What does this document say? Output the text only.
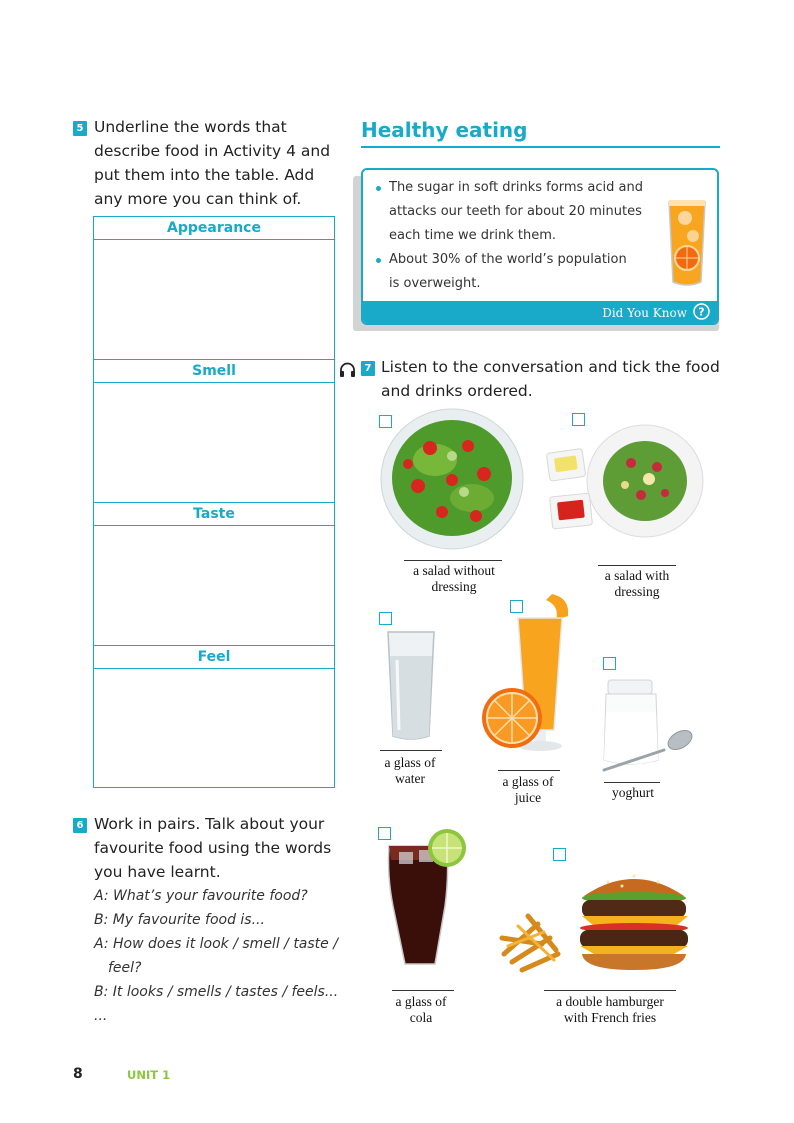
5 Underline the words that
describe food in Activity 4 and
put them into the table. Add
any more you can think of.
Appearance
Smell
Taste
Feel
6 Work in pairs. Talk about your
favourite food using the words
you have learnt.
A: What’s your favourite food?
B: My favourite food is...
A: How does it look / smell / taste /
feel?
B: It looks / smells / tastes / feels...
...
Healthy eating
The sugar in soft drinks forms acid and
attacks our teeth for about 20 minutes
each time we drink them.
About 30% of the world’s population
is overweight.
Did You Know ?
7 Listen to the conversation and tick the food
and drinks ordered.
a salad without
dressing
a salad with
dressing
a glass of
water	a glass of
juice	yoghurt
a glass of
cola
a double hamburger
with French fries
8	UNIT 1
